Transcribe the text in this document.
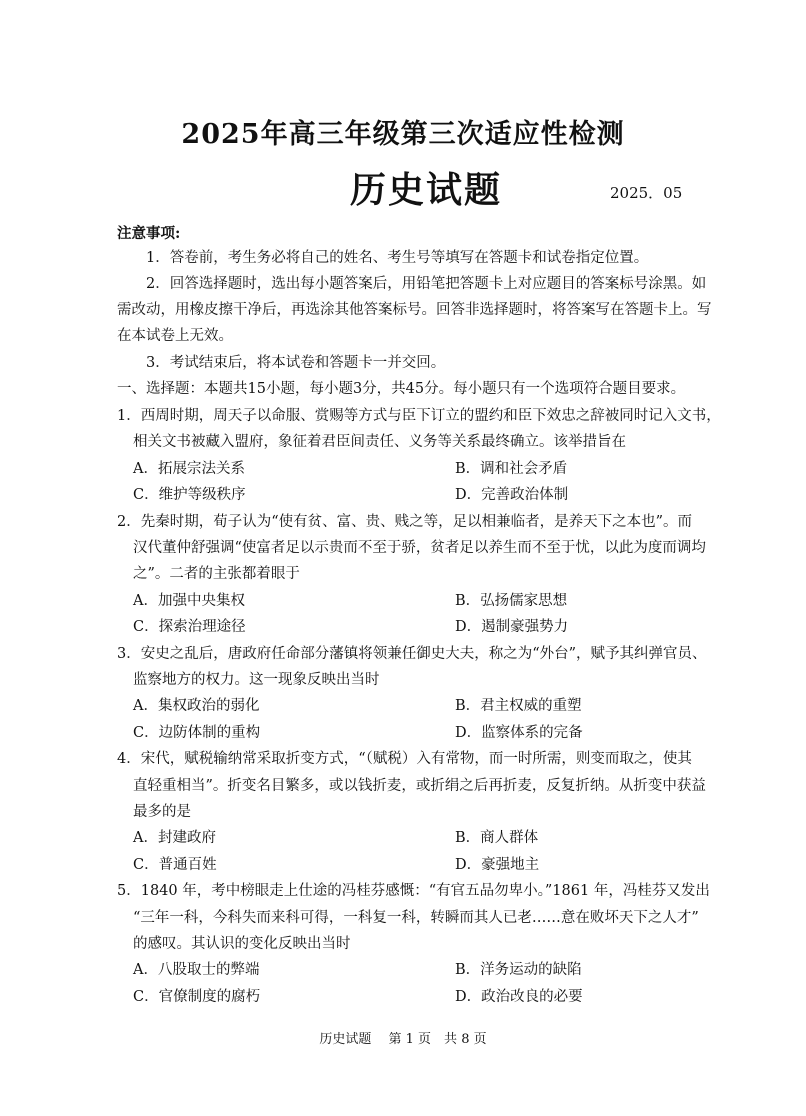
2025年高三年级第三次适应性检测
历史试题	2025．05
注意事项:
1．答卷前，考生务必将自己的姓名、考生号等填写在答题卡和试卷指定位置。
2．回答选择题时，选出每小题答案后，用铅笔把答题卡上对应题目的答案标号涂黑。如
需改动，用橡皮擦干净后，再选涂其他答案标号。回答非选择题时，将答案写在答题卡上。写
在本试卷上无效。
3．考试结束后，将本试卷和答题卡一并交回。
一、选择题：本题共15小题，每小题3分，共45分。每小题只有一个选项符合题目要求。
1．西周时期，周天子以命服、赏赐等方式与臣下订立的盟约和臣下效忠之辞被同时记入文书，
相关文书被藏入盟府，象征着君臣间责任、义务等关系最终确立。该举措旨在
A．拓展宗法关系	B．调和社会矛盾
C．维护等级秩序	D．完善政治体制
2．先秦时期，荀子认为“使有贫、富、贵、贱之等，足以相兼临者，是养天下之本也”。而
汉代董仲舒强调“使富者足以示贵而不至于骄，贫者足以养生而不至于忧，以此为度而调均
之”。二者的主张都着眼于
A．加强中央集权	B．弘扬儒家思想
C．探索治理途径	D．遏制豪强势力
3．安史之乱后，唐政府任命部分藩镇将领兼任御史大夫，称之为“外台”，赋予其纠弹官员、
监察地方的权力。这一现象反映出当时
A．集权政治的弱化	B．君主权威的重塑
C．边防体制的重构	D．监察体系的完备
4．宋代，赋税输纳常采取折变方式，“（赋税）入有常物，而一时所需，则变而取之，使其
直轻重相当”。折变名目繁多，或以钱折麦，或折绢之后再折麦，反复折纳。从折变中获益
最多的是
A．封建政府	B．商人群体
C．普通百姓	D．豪强地主
5．1840 年，考中榜眼走上仕途的冯桂芬感慨：“有官五品勿卑小。”1861 年，冯桂芬又发出
“三年一科，今科失而来科可得，一科复一科，转瞬而其人已老……意在败坏天下之人才”
的感叹。其认识的变化反映出当时
A．八股取士的弊端	B．洋务运动的缺陷
C．官僚制度的腐朽	D．政治改良的必要
历史试题　 第 1 页　共 8 页
